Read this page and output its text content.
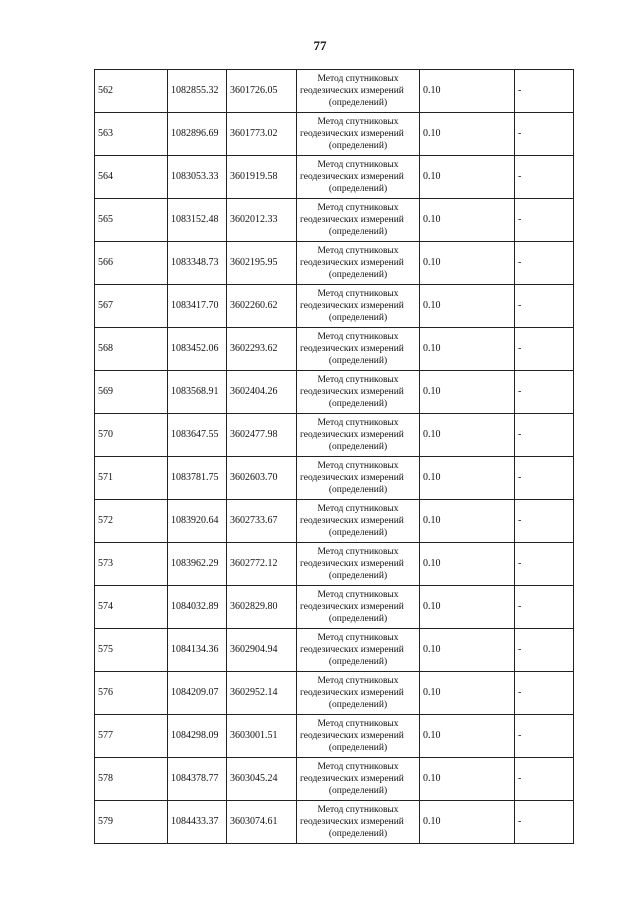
77
562	1082855.32	3601726.05	Метод спутниковых
геодезических измерений
(определений)	0.10	-
563	1082896.69	3601773.02	Метод спутниковых
геодезических измерений
(определений)	0.10	-
564	1083053.33	3601919.58	Метод спутниковых
геодезических измерений
(определений)	0.10	-
565	1083152.48	3602012.33	Метод спутниковых
геодезических измерений
(определений)	0.10	-
566	1083348.73	3602195.95	Метод спутниковых
геодезических измерений
(определений)	0.10	-
567	1083417.70	3602260.62	Метод спутниковых
геодезических измерений
(определений)	0.10	-
568	1083452.06	3602293.62	Метод спутниковых
геодезических измерений
(определений)	0.10	-
569	1083568.91	3602404.26	Метод спутниковых
геодезических измерений
(определений)	0.10	-
570	1083647.55	3602477.98	Метод спутниковых
геодезических измерений
(определений)	0.10	-
571	1083781.75	3602603.70	Метод спутниковых
геодезических измерений
(определений)	0.10	-
572	1083920.64	3602733.67	Метод спутниковых
геодезических измерений
(определений)	0.10	-
573	1083962.29	3602772.12	Метод спутниковых
геодезических измерений
(определений)	0.10	-
574	1084032.89	3602829.80	Метод спутниковых
геодезических измерений
(определений)	0.10	-
575	1084134.36	3602904.94	Метод спутниковых
геодезических измерений
(определений)	0.10	-
576	1084209.07	3602952.14	Метод спутниковых
геодезических измерений
(определений)	0.10	-
577	1084298.09	3603001.51	Метод спутниковых
геодезических измерений
(определений)	0.10	-
578	1084378.77	3603045.24	Метод спутниковых
геодезических измерений
(определений)	0.10	-
579	1084433.37	3603074.61	Метод спутниковых
геодезических измерений
(определений)	0.10	-
